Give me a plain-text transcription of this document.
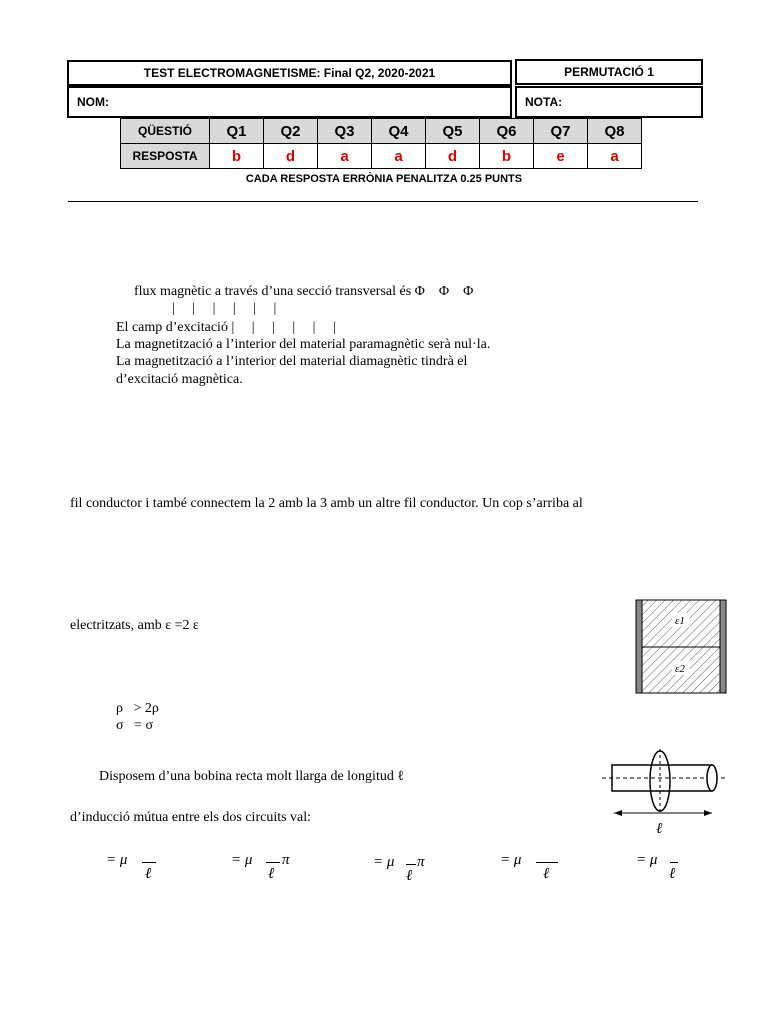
TEST ELECTROMAGNETISME: Final Q2, 2020-2021	PERMUTACIÓ 1
NOM:	NOTA:
QÜESTIÓ	Q1	Q2	Q3	Q4	Q5	Q6	Q7	Q8
RESPOSTA	b	d	a	a	d	b	e	a
CADA RESPOSTA ERRÒNIA PENALITZA 0.25 PUNTS
flux magnètic a través d’una secció transversal és Φ    Φ    Φ
|     |     |     |     |     |
El camp d’excitació |     |     |     |     |     |
La magnetització a l’interior del material paramagnètic serà nul·la.
La magnetització a l’interior del material diamagnètic tindrà el
d’excitació magnètica.
fil conductor i també connectem la 2 amb la 3 amb un altre fil conductor. Un cop s’arriba al
electritzats, amb ε =2 ε
ρ   > 2ρ
σ   = σ
ε1
ε2
Disposem d’una bobina recta molt llarga de longitud ℓ
d’inducció mútua entre els dos circuits val:
ℓ
= μ
ℓ
= μ π
ℓ
= μ π
ℓ
= μ
ℓ
= μ
ℓ
